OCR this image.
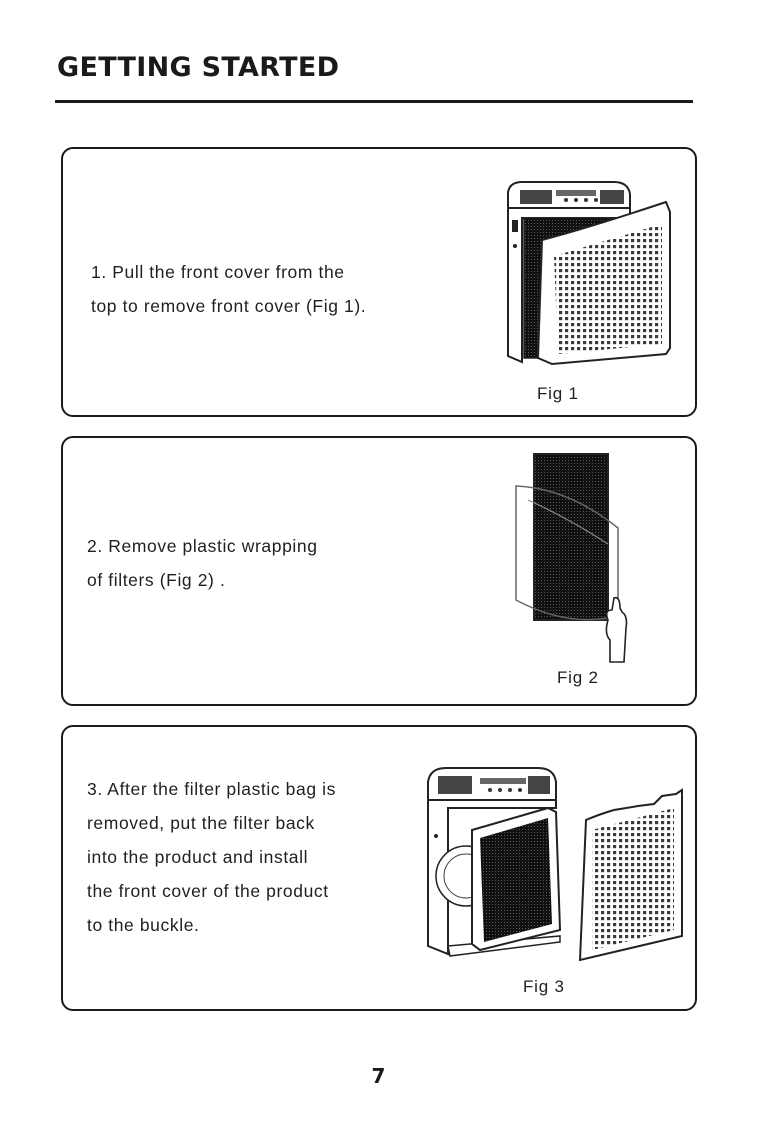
GETTING STARTED

1. Pull the front cover from the
top to remove front cover (Fig 1).

Fig 1

2. Remove plastic wrapping
of filters (Fig 2) .

Fig 2

3. After the filter plastic bag is
removed, put the filter back
into the product and install
the front cover of the product
to the buckle.

Fig 3
7
